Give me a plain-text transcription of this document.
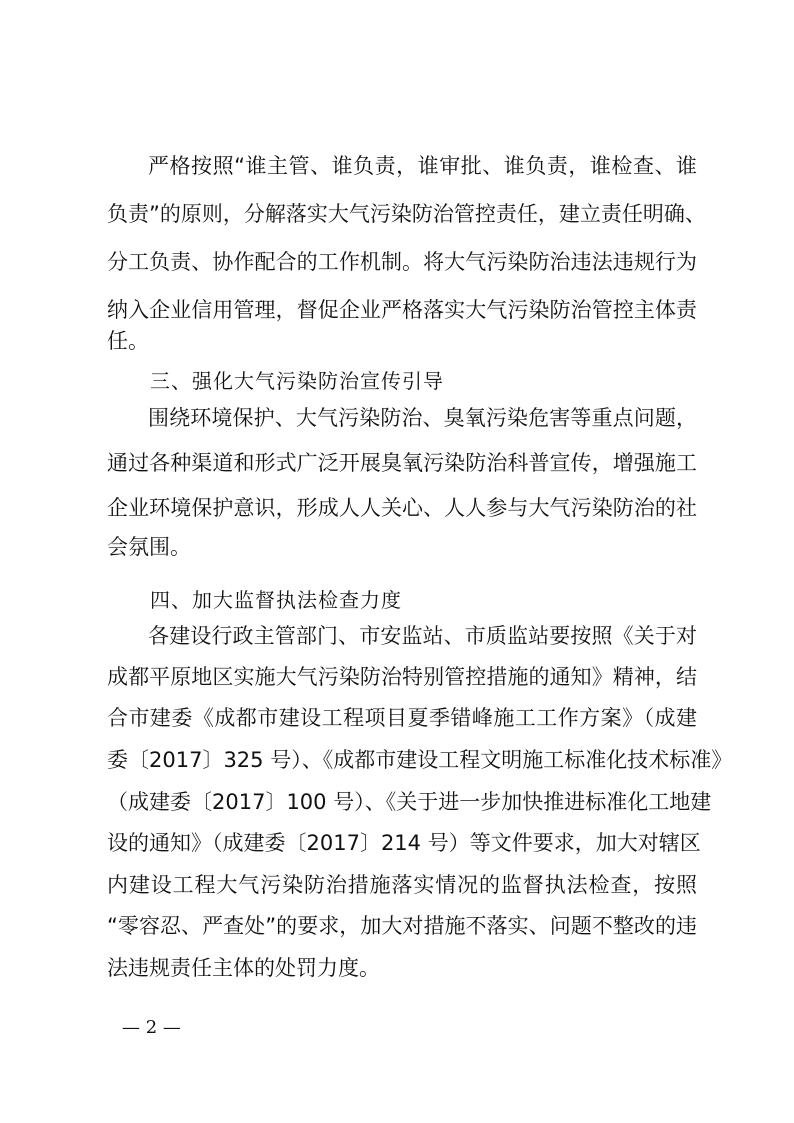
严格按照“谁主管、谁负责，谁审批、谁负责，谁检查、谁
负责”的原则，分解落实大气污染防治管控责任，建立责任明确、
分工负责、协作配合的工作机制。将大气污染防治违法违规行为
纳入企业信用管理，督促企业严格落实大气污染防治管控主体责
任。
三、强化大气污染防治宣传引导
围绕环境保护、大气污染防治、臭氧污染危害等重点问题，
通过各种渠道和形式广泛开展臭氧污染防治科普宣传，增强施工
企业环境保护意识，形成人人关心、人人参与大气污染防治的社
会氛围。
四、加大监督执法检查力度
各建设行政主管部门、市安监站、市质监站要按照《关于对
成都平原地区实施大气污染防治特别管控措施的通知》精神，结
合市建委《成都市建设工程项目夏季错峰施工工作方案》（成建
委〔2017〕325 号）、《成都市建设工程文明施工标准化技术标准》
（成建委〔2017〕100 号）、《关于进一步加快推进标准化工地建
设的通知》（成建委〔2017〕214 号）等文件要求，加大对辖区
内建设工程大气污染防治措施落实情况的监督执法检查，按照
“零容忍、严查处”的要求，加大对措施不落实、问题不整改的违
法违规责任主体的处罚力度。
— 2 —
